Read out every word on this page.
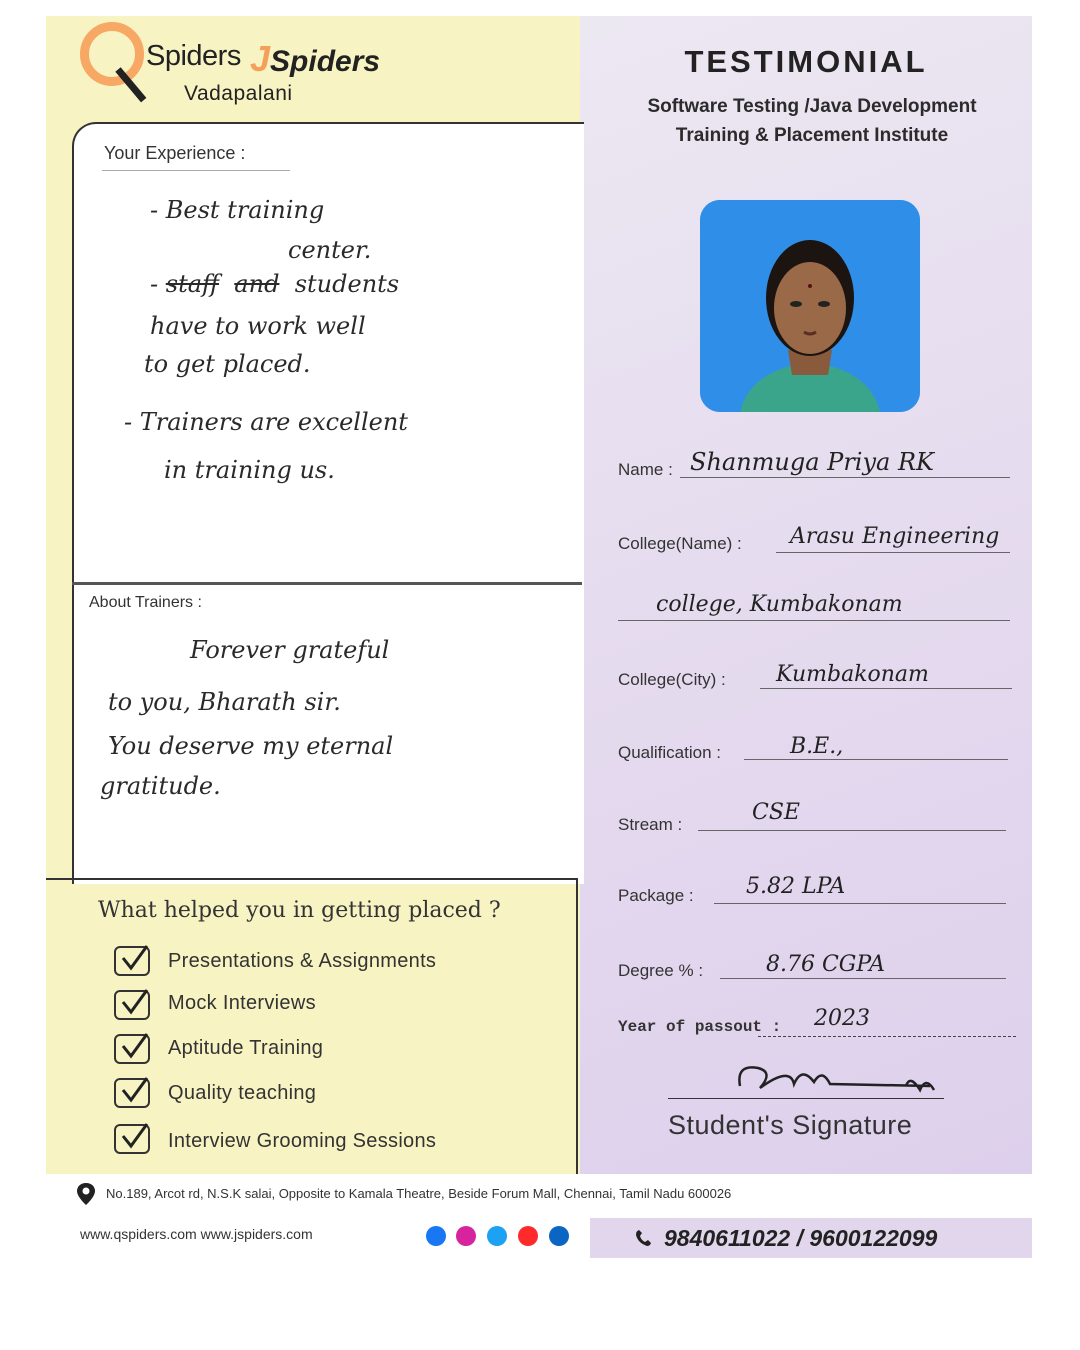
Spiders JSpiders
Vadapalani
TESTIMONIAL
Software Testing /Java Development
Training & Placement Institute
Your Experience :
- Best training
center.
- staff and students
have to work well
to get placed.
- Trainers are excellent
in training us.
About Trainers :
Forever grateful
to you, Bharath sir.
You deserve my eternal
gratitude.
What helped you in getting placed ?
Presentations & Assignments
Mock Interviews
Aptitude Training
Quality teaching
Interview Grooming Sessions
Name : Shanmuga Priya RK
College(Name) : Arasu Engineering
college, Kumbakonam
College(City) : Kumbakonam
Qualification :	B.E.,
Stream :	CSE
Package : 5.82 LPA
Degree % :	8.76 CGPA
Year of passout : 2023
Student's Signature
No.189, Arcot rd, N.S.K salai, Opposite to Kamala Theatre, Beside Forum Mall, Chennai, Tamil Nadu 600026
www.qspiders.com www.jspiders.com	9840611022 / 9600122099
